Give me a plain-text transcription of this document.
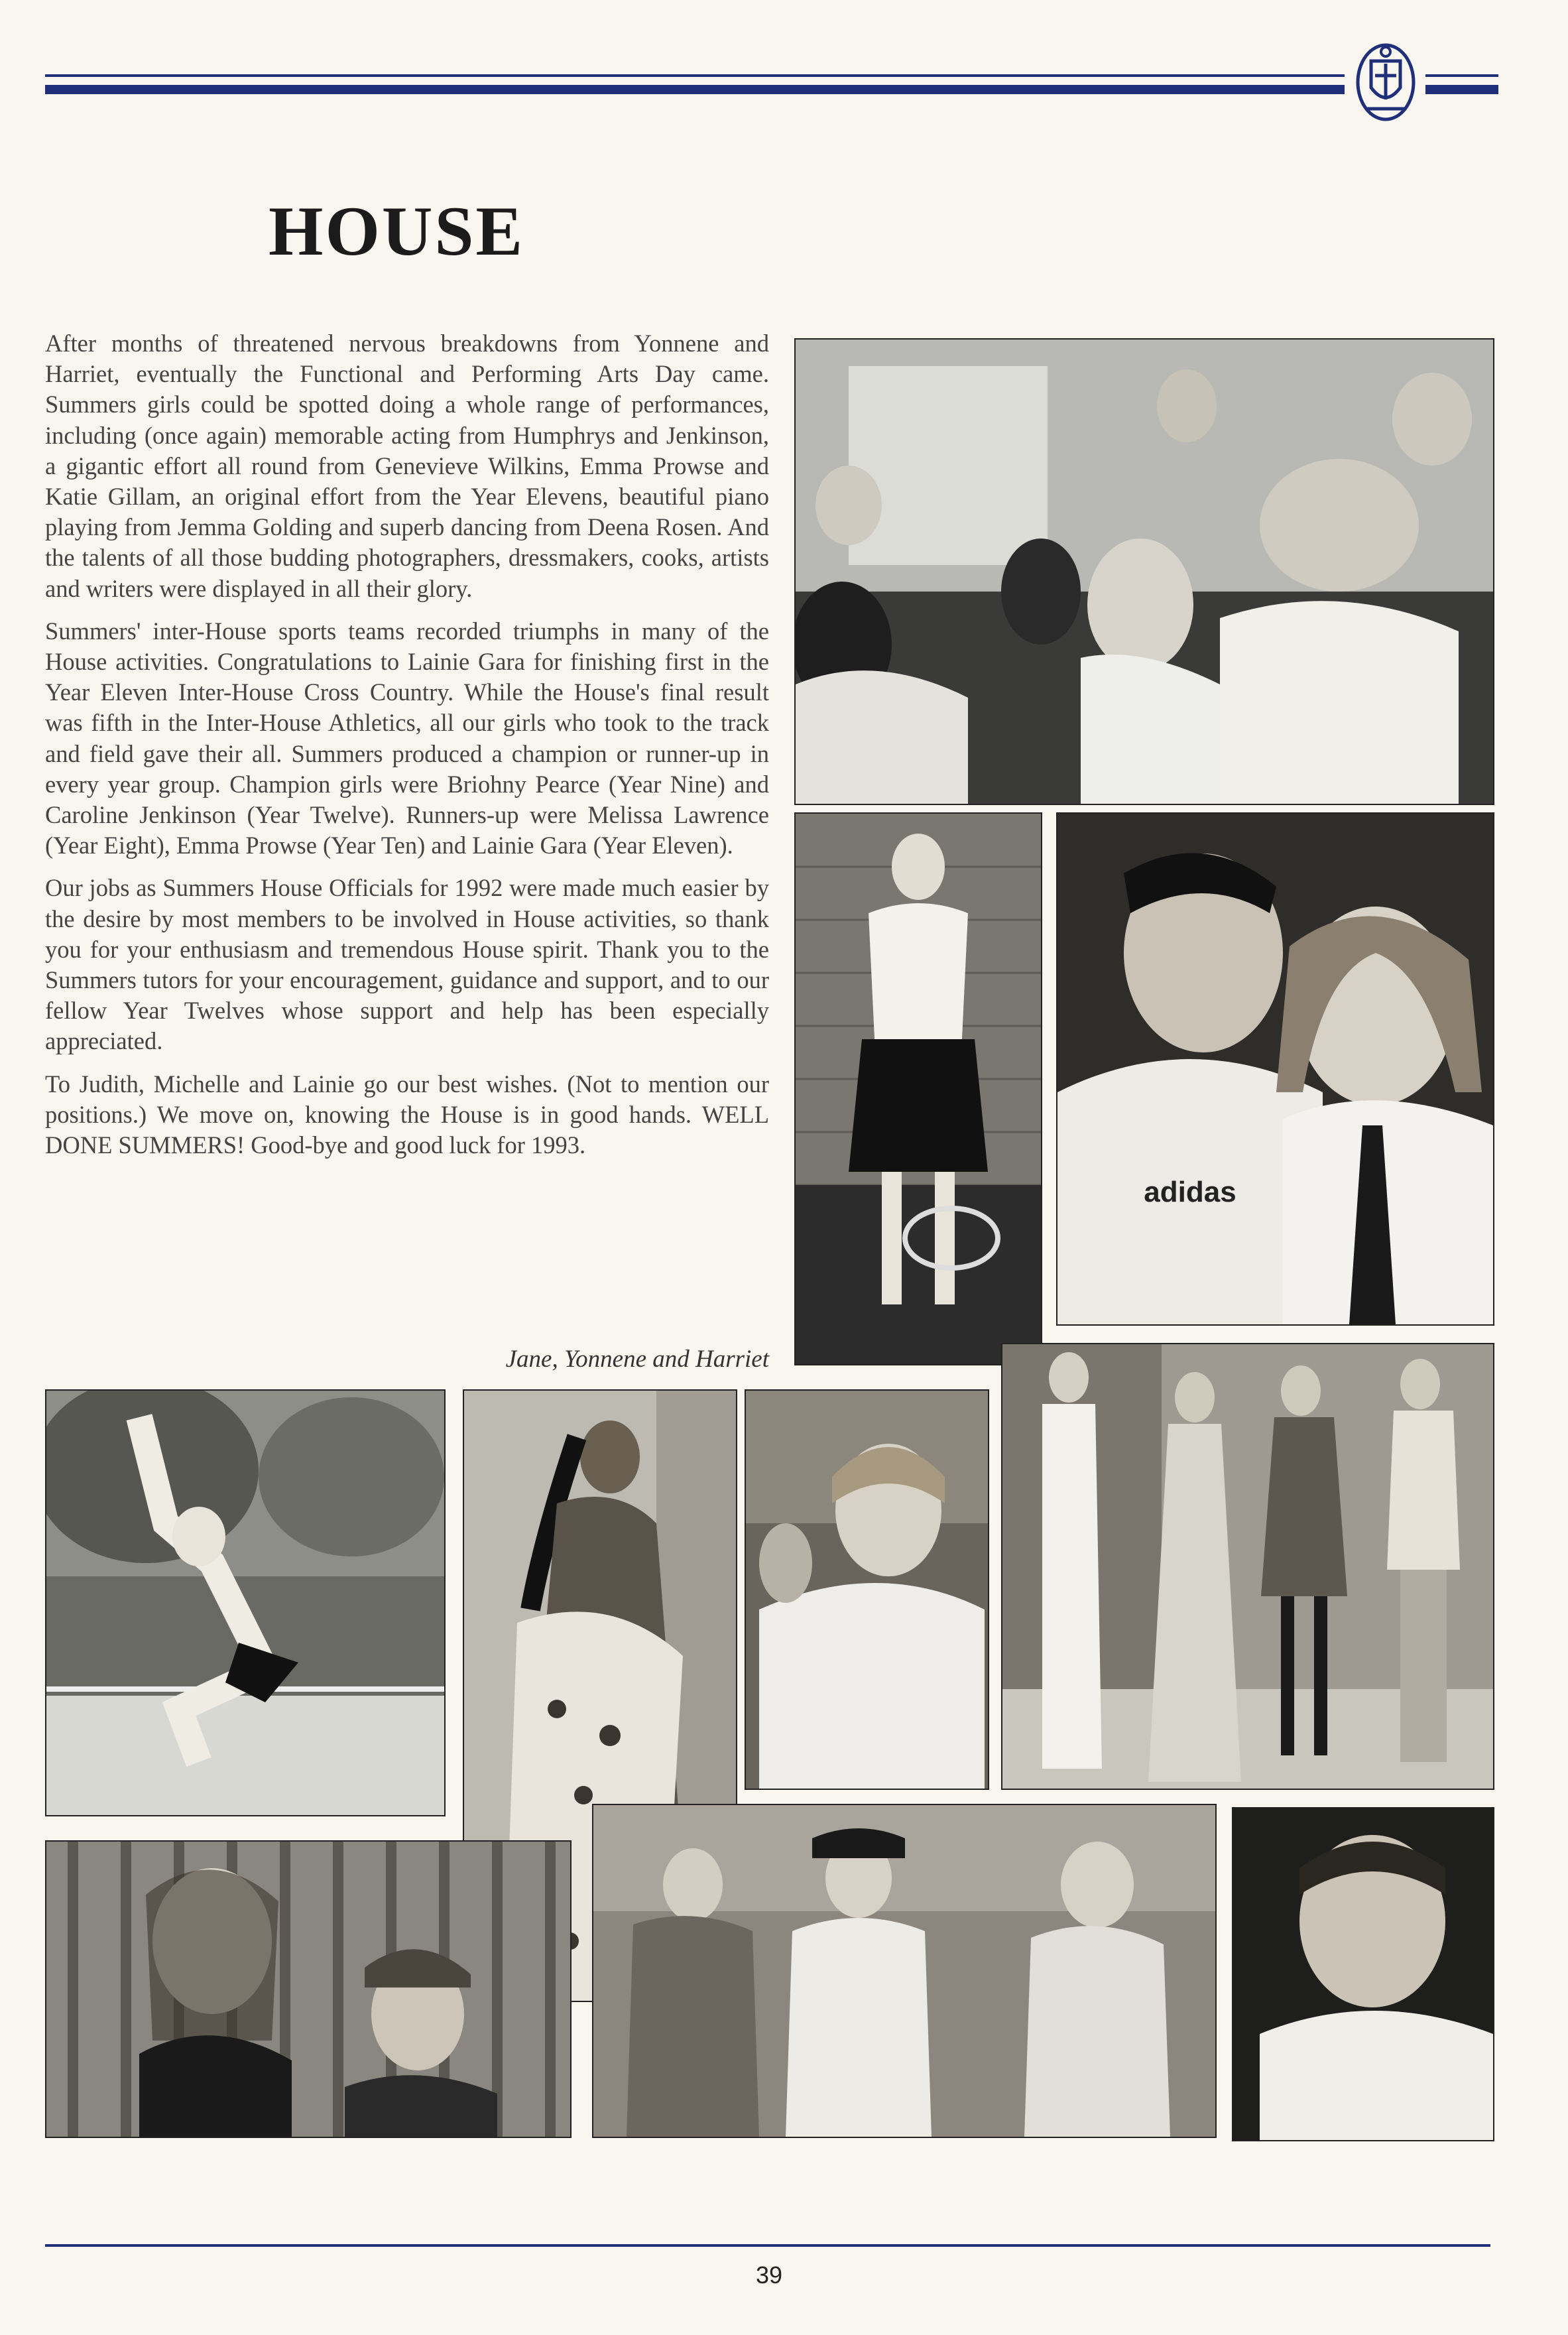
HOUSE

After months of threatened nervous breakdowns from Yonnene and Harriet, eventually the Functional and Performing Arts Day came. Summers girls could be spotted doing a whole range of performances, including (once again) memorable acting from Humphrys and Jenkinson, a gigantic effort all round from Genevieve Wilkins, Emma Prowse and Katie Gillam, an original effort from the Year Elevens, beautiful piano playing from Jemma Golding and superb dancing from Deena Rosen. And the talents of all those budding photographers, dressmakers, cooks, artists and writers were displayed in all their glory.

Summers' inter-House sports teams recorded triumphs in many of the House activities. Congratulations to Lainie Gara for finishing first in the Year Eleven Inter-House Cross Country. While the House's final result was fifth in the Inter-House Athletics, all our girls who took to the track and field gave their all. Summers produced a champion or runner-up in every year group. Champion girls were Briohny Pearce (Year Nine) and Caroline Jenkinson (Year Twelve). Runners-up were Melissa Lawrence (Year Eight), Emma Prowse (Year Ten) and Lainie Gara (Year Eleven).

Our jobs as Summers House Officials for 1992 were made much easier by the desire by most members to be involved in House activities, so thank you for your enthusiasm and tremendous House spirit. Thank you to the Summers tutors for your encouragement, guidance and support, and to our fellow Year Twelves whose support and help has been especially appreciated.

To Judith, Michelle and Lainie go our best wishes. (Not to mention our positions.) We move on, knowing the House is in good hands. WELL DONE SUMMERS! Good-bye and good luck for 1993.

Jane, Yonnene and Harriet
adidas
39
